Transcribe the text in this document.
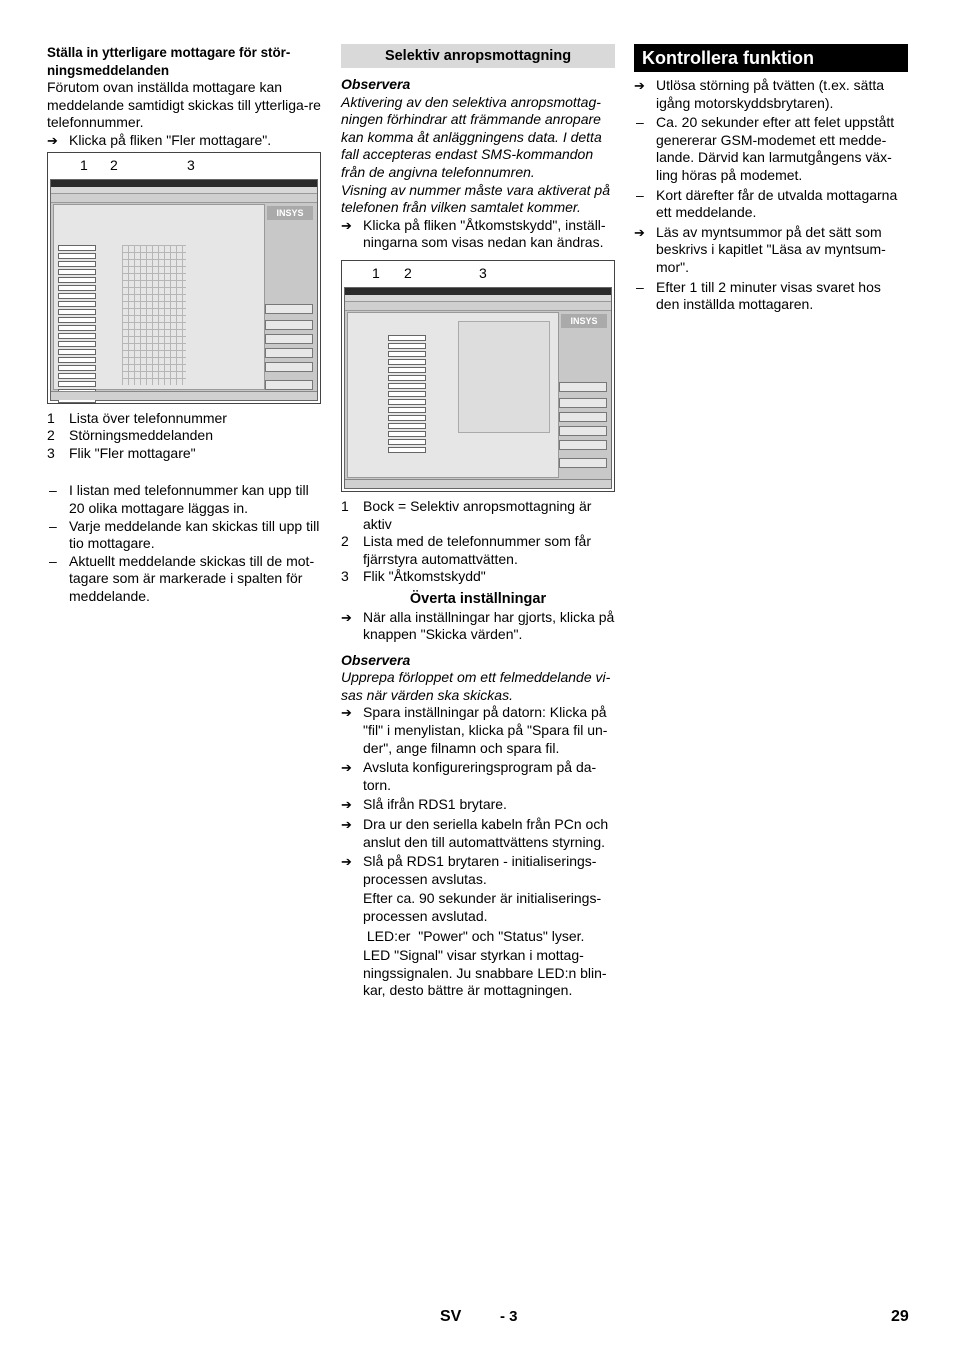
Ställa in ytterligare mottagare för stör-ningsmeddelanden

Förutom ovan inställda mottagare kan meddelande samtidigt skickas till ytterliga-re telefonnummer.

➔ Klicka på fliken "Fler mottagare".
1 2	3
INSYS
1 Lista över telefonnummer
2 Störningsmeddelanden
3 Flik "Fler mottagare"
– I listan med telefonnummer kan upp till 20 olika mottagare läggas in.
– Varje meddelande kan skickas till upp till tio mottagare.
– Aktuellt meddelande skickas till de mot-tagare som är markerade i spalten för meddelande.
Selektiv anropsmottagning

Observera

Aktivering av den selektiva anropsmottag-ningen förhindrar att främmande anropare kan komma åt anläggningens data. I detta fall accepteras endast SMS-kommandon från de angivna telefonnumren.

Visning av nummer måste vara aktiverat på telefonen från vilken samtalet kommer.

➔ Klicka på fliken "Åtkomstskydd", inställ-ningarna som visas nedan kan ändras.
1 2	3
INSYS
1 Bock = Selektiv anropsmottagning är aktiv
2 Lista med de telefonnummer som får fjärrstyra automattvätten.
3 Flik "Åtkomstskydd"

Överta inställningar

➔ När alla inställningar har gjorts, klicka på knappen "Skicka värden".

Observera

Upprepa förloppet om ett felmeddelande vi-sas när värden ska skickas.

➔ Spara inställningar på datorn: Klicka på "fil" i menylistan, klicka på "Spara fil un-der", ange filnamn och spara fil.
➔ Avsluta konfigureringsprogram på da-torn.
➔ Slå ifrån RDS1 brytare.
➔ Dra ur den seriella kabeln från PCn och anslut den till automattvättens styrning.
➔ Slå på RDS1 brytaren - initialiserings-processen avslutas.

Efter ca. 90 sekunder är initialiserings-processen avslutad.

LED:er  "Power" och "Status" lyser.

LED "Signal" visar styrkan i mottag-ningssignalen. Ju snabbare LED:n blin-kar, desto bättre är mottagningen.

Kontrollera funktion
➔ Utlösa störning på tvätten (t.ex. sätta igång motorskyddsbrytaren).
– Ca. 20 sekunder efter att felet uppstått genererar GSM-modemet ett medde-lande. Därvid kan larmutgångens väx-ling höras på modemet.
– Kort därefter får de utvalda mottagarna ett meddelande.
➔ Läs av myntsummor på det sätt som beskrivs i kapitlet "Läsa av myntsum-mor".
– Efter 1 till 2 minuter visas svaret hos den inställda mottagaren.
SV	- 3	29
